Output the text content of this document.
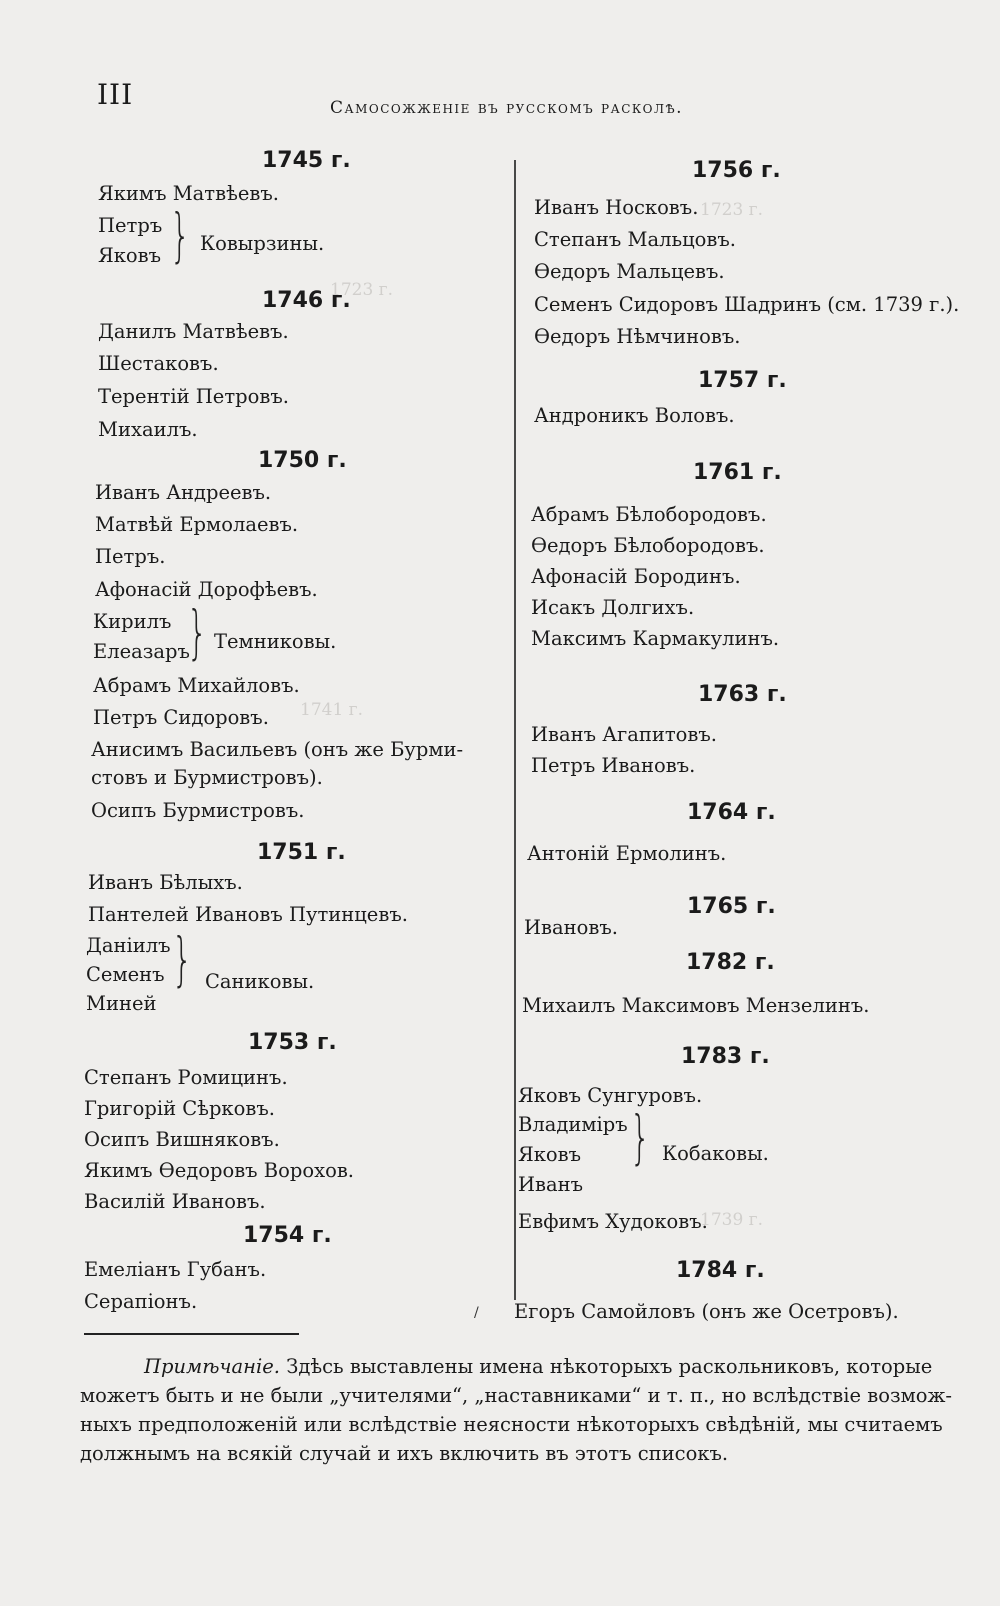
1723 г.
1723 г.
1741 г.
1739 г.
III	Самосожженіе въ русскомъ расколѣ.
1745 г.
Якимъ Матвѣевъ.
Петръ
Яковъ } Ковырзины.
1746 г.
Данилъ Матвѣевъ.
Шестаковъ.
Терентій Петровъ.
Михаилъ.
1750 г.
Иванъ Андреевъ.
Матвѣй Ермолаевъ.
Петръ.
Афонасій Дорофѣевъ.
Кирилъ
Елеазаръ
} Темниковы.
Абрамъ Михайловъ.
Петръ Сидоровъ.
Анисимъ Васильевъ (онъ же Бурми-
стовъ и Бурмистровъ).
Осипъ Бурмистровъ.
1751 г.
Иванъ Бѣлыхъ.
Пантелей Ивановъ Путинцевъ.
Даніилъ
Семенъ
Миней
} Саниковы.
1753 г.
Степанъ Ромицинъ.
Григорій Сѣрковъ.
Осипъ Вишняковъ.
Якимъ Ѳедоровъ Ворохов.
Василій Ивановъ.
1754 г.
Емеліанъ Губанъ.
Серапіонъ.
1756 г.
Иванъ Носковъ.
Степанъ Мальцовъ.
Ѳедоръ Мальцевъ.
Семенъ Сидоровъ Шадринъ (см. 1739 г.).
Ѳедоръ Нѣмчиновъ.
1757 г.
Андроникъ Воловъ.
1761 г.
Абрамъ Бѣлобородовъ.
Ѳедоръ Бѣлобородовъ.
Афонасій Бородинъ.
Исакъ Долгихъ.
Максимъ Кармакулинъ.
1763 г.
Иванъ Агапитовъ.
Петръ Ивановъ.
1764 г.
Антоній Ермолинъ.
1765 г.
Ивановъ.
1782 г.
Михаилъ Максимовъ Мензелинъ.
1783 г.
Яковъ Сунгуровъ.
Владиміръ
Яковъ
Иванъ
} Кобаковы.
Евфимъ Худоковъ.
1784 г.
Егоръ Самойловъ (онъ же Осетровъ).
/
Примѣчаніе. Здѣсь выставлены имена нѣкоторыхъ раскольниковъ, которые
можетъ быть и не были „учителями“, „наставниками“ и т. п., но вслѣдствіе возмож-
ныхъ предположеній или вслѣдствіе неясности нѣкоторыхъ свѣдѣній, мы считаемъ
должнымъ на всякій случай и ихъ включить въ этотъ списокъ.
